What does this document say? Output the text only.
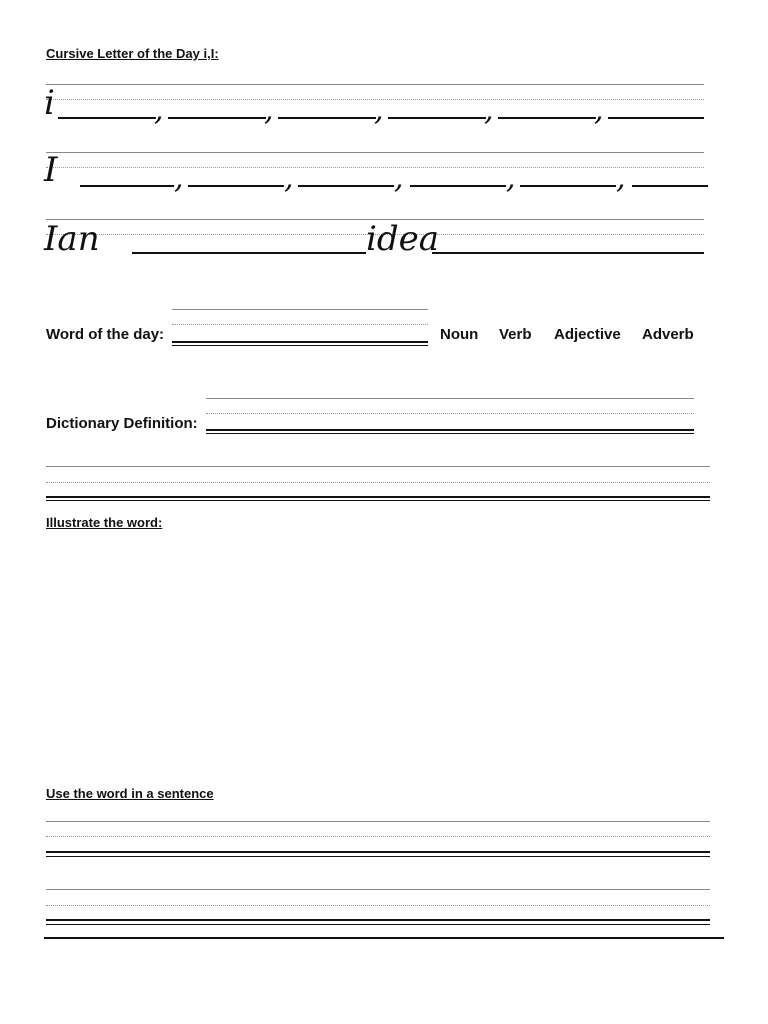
Cursive Letter of the Day i,I:
i	,	,	,	,	,
I	,	,	,	,	,
Ian	idea
Word of the day:	Noun Verb Adjective Adverb
Dictionary Definition:
Illustrate the word:
Use the word in a sentence
